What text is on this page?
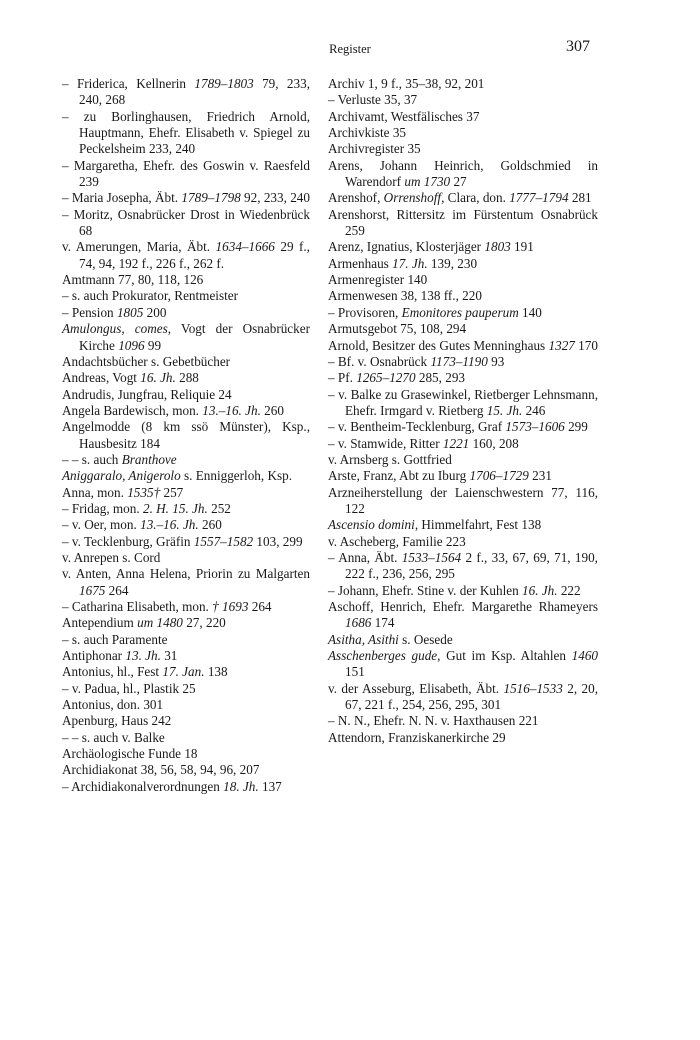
Register	307
– Friderica, Kellnerin 1789–1803 79, 233, 240, 268
– zu Borlinghausen, Friedrich Arnold, Hauptmann, Ehefr. Elisabeth v. Spiegel zu Peckelsheim 233, 240
– Margaretha, Ehefr. des Goswin v. Raesfeld 239
– Maria Josepha, Äbt. 1789–1798 92, 233, 240
– Moritz, Osnabrücker Drost in Wiedenbrück 68
v. Amerungen, Maria, Äbt. 1634–1666 29 f., 74, 94, 192 f., 226 f., 262 f.
Amtmann 77, 80, 118, 126
– s. auch Prokurator, Rentmeister
– Pension 1805 200
Amulongus, comes, Vogt der Osnabrücker Kirche 1096 99
Andachtsbücher s. Gebetbücher
Andreas, Vogt 16. Jh. 288
Andrudis, Jungfrau, Reliquie 24
Angela Bardewisch, mon. 13.–16. Jh. 260
Angelmodde (8 km ssö Münster), Ksp., Hausbesitz 184
– – s. auch Branthove
Aniggaralo, Anigerolo s. Enniggerloh, Ksp.
Anna, mon. 1535† 257
– Fridag, mon. 2. H. 15. Jh. 252
– v. Oer, mon. 13.–16. Jh. 260
– v. Tecklenburg, Gräfin 1557–1582 103, 299
v. Anrepen s. Cord
v. Anten, Anna Helena, Priorin zu Malgarten 1675 264
– Catharina Elisabeth, mon. † 1693 264
Antependium um 1480 27, 220
– s. auch Paramente
Antiphonar 13. Jh. 31
Antonius, hl., Fest 17. Jan. 138
– v. Padua, hl., Plastik 25
Antonius, don. 301
Apenburg, Haus 242
– – s. auch v. Balke
Archäologische Funde 18
Archidiakonat 38, 56, 58, 94, 96, 207
– Archidiakonalverordnungen 18. Jh. 137
Archiv 1, 9 f., 35–38, 92, 201
– Verluste 35, 37
Archivamt, Westfälisches 37
Archivkiste 35
Archivregister 35
Arens, Johann Heinrich, Goldschmied in Warendorf um 1730 27
Arenshof, Orrenshoff, Clara, don. 1777–1794 281
Arenshorst, Rittersitz im Fürstentum Osnabrück 259
Arenz, Ignatius, Klosterjäger 1803 191
Armenhaus 17. Jh. 139, 230
Armenregister 140
Armenwesen 38, 138 ff., 220
– Provisoren, Emonitores pauperum 140
Armutsgebot 75, 108, 294
Arnold, Besitzer des Gutes Menninghaus 1327 170
– Bf. v. Osnabrück 1173–1190 93
– Pf. 1265–1270 285, 293
– v. Balke zu Grasewinkel, Rietberger Lehnsmann, Ehefr. Irmgard v. Rietberg 15. Jh. 246
– v. Bentheim-Tecklenburg, Graf 1573–1606 299
– v. Stamwide, Ritter 1221 160, 208
v. Arnsberg s. Gottfried
Arste, Franz, Abt zu Iburg 1706–1729 231
Arzneiherstellung der Laienschwestern 77, 116, 122
Ascensio domini, Himmelfahrt, Fest 138
v. Ascheberg, Familie 223
– Anna, Äbt. 1533–1564 2 f., 33, 67, 69, 71, 190, 222 f., 236, 256, 295
– Johann, Ehefr. Stine v. der Kuhlen 16. Jh. 222
Aschoff, Henrich, Ehefr. Margarethe Rhameyers 1686 174
Asitha, Asithi s. Oesede
Asschenberges gude, Gut im Ksp. Altahlen 1460 151
v. der Asseburg, Elisabeth, Äbt. 1516–1533 2, 20, 67, 221 f., 254, 256, 295, 301
– N. N., Ehefr. N. N. v. Haxthausen 221
Attendorn, Franziskanerkirche 29
